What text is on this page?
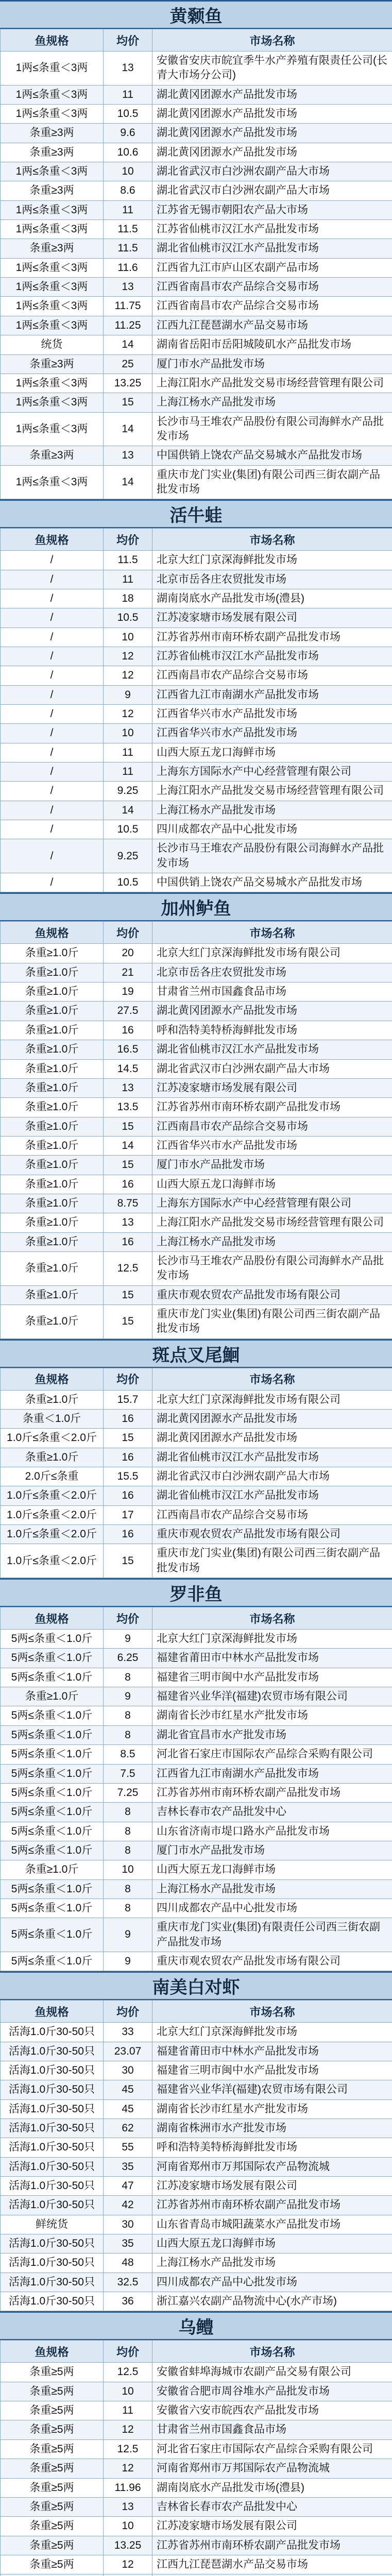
黄颡鱼
鱼规格	均价	市场名称
1两≤条重＜3两	13	安徽省安庆市皖宜季牛水产养殖有限责任公司(长青大市场分公司)
1两≤条重＜3两	11	湖北黄冈团源水产品批发市场
1两≤条重＜3两	10.5	湖北黄冈团源水产品批发市场
条重≥3两	9.6	湖北黄冈团源水产品批发市场
条重≥3两	10.6	湖北黄冈团源水产品批发市场
1两≤条重＜3两	10	湖北省武汉市白沙洲农副产品大市场
条重≥3两	8.6	湖北省武汉市白沙洲农副产品大市场
1两≤条重＜3两	11	江苏省无锡市朝阳农产品大市场
1两≤条重＜3两	11.5	江苏省仙桃市汉江水产品批发市场
条重≥3两	11.5	湖北省仙桃市汉江水产品批发市场
1两≤条重＜3两	11.6	江西省九江市庐山区农副产品市场
1两≤条重＜3两	13	江西省南昌市农产品综合交易市场
1两≤条重＜3两	11.75	江西省南昌市农产品综合交易市场
1两≤条重＜3两	11.25	江西九江琵琶湖水产品交易市场
统货	14	湖南省岳阳市岳阳城陵矶水产品批发市场
条重≥3两	25	厦门市水产品批发市场
1两≤条重＜3两	13.25	上海江阳水产品批发交易市场经营管理有限公司
1两≤条重＜3两	15	上海江杨水产品批发市场
1两≤条重＜3两	14	长沙市马王堆农产品股份有限公司海鲜水产品批发市场
条重≥3两	13	中国供销上饶农产品交易城水产品批发市场
1两≤条重＜3两	14	重庆市龙门实业(集团)有限公司西三街农副产品批发市场
活牛蛙
鱼规格	均价	市场名称
/	11.5	北京大红门京深海鲜批发市场
/	11	北京市岳各庄农贸批发市场
/	18	湖南岗底水产品批发市场(澧县)
/	10.5	江苏凌家塘市场发展有限公司
/	10	江苏省苏州市南环桥农副产品批发市场
/	12	江苏省仙桃市汉江水产品批发市场
/	12	江西南昌市农产品综合交易市场
/	9	江西省九江市南湖水产品批发市场
/	12	江西省华兴市水产品批发市场
/	10	江西省华兴市水产品批发市场
/	11	山西大原五龙口海鲜市场
/	11	上海东方国际水产中心经营管理有限公司
/	9.25	上海江阳水产品批发交易市场经营管理有限公司
/	14	上海江杨水产品批发市场
/	10.5	四川成都农产品中心批发市场
/	9.25	长沙市马王堆农产品股份有限公司海鲜水产品批发市场
/	10.5	中国供销上饶农产品交易城水产品批发市场
加州鲈鱼
鱼规格	均价	市场名称
条重≥1.0斤	20	北京大红门京深海鲜批发市场有限公司
条重≥1.0斤	21	北京市岳各庄农贸批发市场
条重≥1.0斤	19	甘肃省兰州市国鑫食品市场
条重≥1.0斤	27.5	湖北黄冈团源水产品批发市场
条重≥1.0斤	16	呼和浩特美特桥海鲜批发市场
条重≥1.0斤	16.5	湖北省仙桃市汉江水产品批发市场
条重≥1.0斤	14.5	湖北省武汉市白沙洲农副产品大市场
条重≥1.0斤	13	江苏凌家塘市场发展有限公司
条重≥1.0斤	13.5	江苏省苏州市南环桥农副产品批发市场
条重≥1.0斤	15	江西南昌市农产品综合交易市场
条重≥1.0斤	14	江西省华兴市水产品批发市场
条重≥1.0斤	15	厦门市水产品批发市场
条重≥1.0斤	16	山西大原五龙口海鲜市场
条重≥1.0斤	8.75	上海东方国际水产中心经营管理有限公司
条重≥1.0斤	13	上海江阳水产品批发交易市场经营管理有限公司
条重≥1.0斤	16	上海江杨水产品批发市场
条重≥1.0斤	12.5	长沙市马王堆农产品股份有限公司海鲜水产品批发市场
条重≥1.0斤	15	重庆市观农贸农产品批发市场有限公司
条重≥1.0斤	15	重庆市龙门实业(集团)有限公司西三街农副产品批发市场
斑点叉尾鮰
鱼规格	均价	市场名称
条重≥1.0斤	15.7	北京大红门京深海鲜批发市场有限公司
条重＜1.0斤	16	湖北黄冈团源水产品批发市场
1.0斤≤条重＜2.0斤	15	湖北黄冈团源水产品批发市场
条重≥1.0斤	16	湖北省仙桃市汉江水产品批发市场
2.0斤≤条重	15.5	湖北省武汉市白沙洲农副产品大市场
1.0斤≤条重＜2.0斤	16	湖北省仙桃市汉江水产品批发市场
1.0斤≤条重＜2.0斤	17	江西南昌市农产品综合交易市场
1.0斤≤条重＜2.0斤	16	重庆市观农贸农产品批发市场有限公司
1.0斤≤条重＜2.0斤	15	重庆市龙门实业(集团)有限公司西三街农副产品批发市场
罗非鱼
鱼规格	均价	市场名称
5两≤条重＜1.0斤	9	北京大红门京深海鲜批发市场
5两≤条重＜1.0斤	6.25	福建省莆田市中林水产品批发市场
5两≤条重＜1.0斤	8	福建省三明市闽中水产品批发市场
条重≥1.0斤	9	福建省兴业华洋(福建)农贸市场有限公司
5两≤条重＜1.0斤	8	湖南省长沙市红星水产批发市场
5两≤条重＜1.0斤	8	湖北省宜昌市水产批发市场
5两≤条重＜1.0斤	8.5	河北省石家庄市国际农产品综合采购有限公司
5两≤条重＜1.0斤	7.5	江西省九江市南湖水产品批发市场
5两≤条重＜1.0斤	7.25	江苏省苏州市南环桥农副产品批发市场
5两≤条重＜1.0斤	8	吉林长春市农产品批发中心
5两≤条重＜1.0斤	8	山东省济南市堤口路水产品批发市场
5两≤条重＜1.0斤	8	厦门市水产品批发市场
条重≥1.0斤	10	山西大原五龙口海鲜市场
5两≤条重＜1.0斤	8	上海江杨水产品批发市场
5两≤条重＜1.0斤	8	四川成都农产品中心批发市场
5两≤条重＜1.0斤	9	重庆市龙门实业(集团)有限责任公司西三街农副产品批发市场
5两≤条重＜1.0斤	9	重庆市观农贸农产品批发市场有限公司
南美白对虾
鱼规格	均价	市场名称
活海1.0斤30-50只	33	北京大红门京深海鲜批发市场
活海1.0斤30-50只	23.07	福建省莆田市中林水产品批发市场
活海1.0斤30-50只	30	福建省三明市闽中水产品批发市场
活海1.0斤30-50只	45	福建省兴业华洋(福建)农贸市场有限公司
活海1.0斤30-50只	45	湖南省长沙市红星水产批发市场
活海1.0斤30-50只	62	湖南省株洲市水产批发市场
活海1.0斤30-50只	55	呼和浩特美特桥海鲜批发市场
活海1.0斤30-50只	35	河南省郑州市万邦国际农产品物流城
活海1.0斤30-50只	47	江苏凌家塘市场发展有限公司
活海1.0斤30-50只	42	江苏省苏州市南环桥农副产品批发市场
鲜统货	30	山东省青岛市城阳蔬菜水产品批发市场
活海1.0斤30-50只	35	山西大原五龙口海鲜市场
活海1.0斤30-50只	48	上海江杨水产品批发市场
活海1.0斤30-50只	32.5	四川成都农产品中心批发市场
活海1.0斤30-50只	36	浙江嘉兴农副产品物流中心(水产市场)
乌鳢
鱼规格	均价	市场名称
条重≥5两	12.5	安徽省蚌埠海城市农副产品交易有限公司
条重≥5两	10	安徽省合肥市周谷堆水产品批发市场
条重≥5两	11	安徽省六安市皖西农产品批发市场
条重≥5两	12	甘肃省兰州市国鑫食品市场
条重≥5两	12.5	河北省石家庄市国际农产品综合采购有限公司
条重≥5两	12	河南省郑州市万邦国际农产品物流城
条重≥5两	11.96	湖南岗底水产品批发市场(澧县)
条重≥5两	13	吉林省长春市农产品批发中心
条重≥5两	10	江苏凌家塘市场发展有限公司
条重≥5两	13.25	江苏省苏州市南环桥农副产品批发市场
条重≥5两	12	江西九江琵琶湖水产品交易市场
